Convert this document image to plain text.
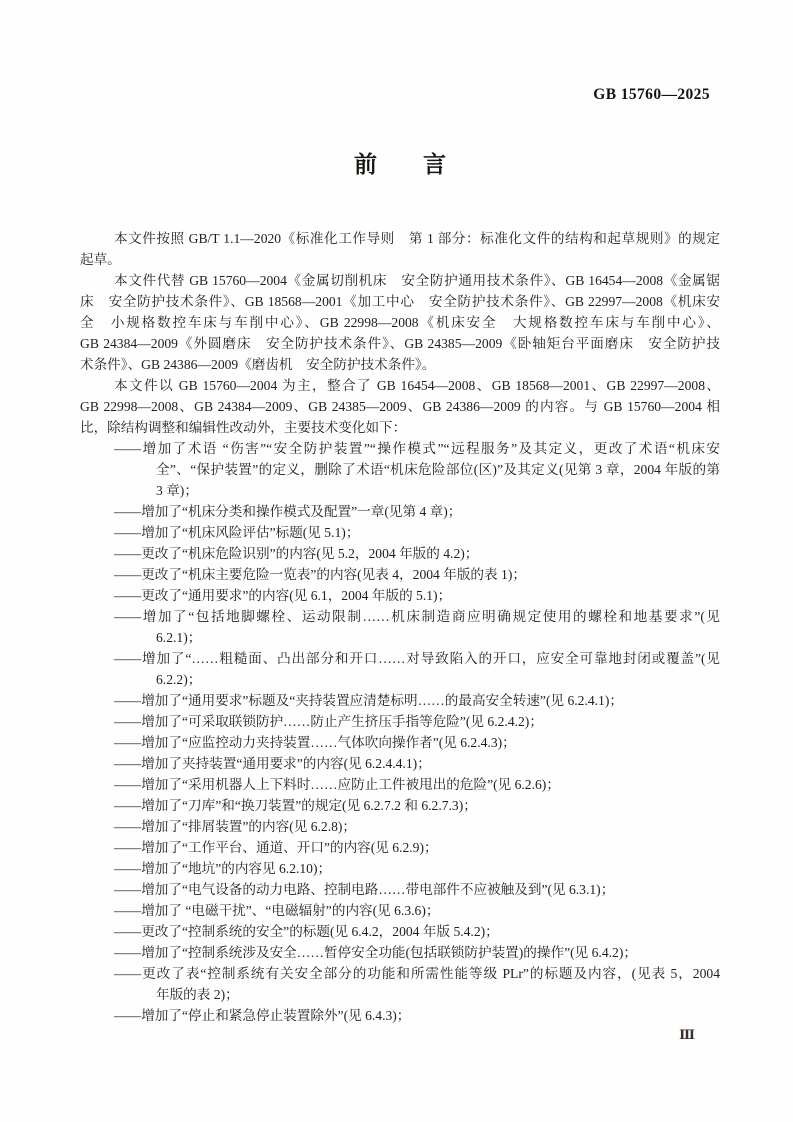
GB 15760—2025
前　　言
本文件按照 GB/T 1.1—2020《标准化工作导则　第 1 部分：标准化文件的结构和起草规则》的规定
起草。
本文件代替 GB 15760—2004《金属切削机床　安全防护通用技术条件》、GB 16454—2008《金属锯
床　安全防护技术条件》、GB 18568—2001《加工中心　安全防护技术条件》、GB 22997—2008《机床安
全　小规格数控车床与车削中心》、GB 22998—2008《机床安全　大规格数控车床与车削中心》、
GB 24384—2009《外圆磨床　安全防护技术条件》、GB 24385—2009《卧轴矩台平面磨床　安全防护技
术条件》、GB 24386—2009《磨齿机　安全防护技术条件》。
本文件以 GB 15760—2004 为主，整合了 GB 16454—2008、GB 18568—2001、GB 22997—2008、
GB 22998—2008、GB 24384—2009、GB 24385—2009、GB 24386—2009 的内容。与 GB 15760—2004 相
比，除结构调整和编辑性改动外，主要技术变化如下：
——增加了术语 “伤害”“安全防护装置”“操作模式”“远程服务”及其定义，更改了术语“机床安
全”、“保护装置”的定义，删除了术语“机床危险部位(区)”及其定义(见第 3 章，2004 年版的第
3 章)；
——增加了“机床分类和操作模式及配置”一章(见第 4 章)；
——增加了“机床风险评估”标题(见 5.1)；
——更改了“机床危险识别”的内容(见 5.2，2004 年版的 4.2)；
——更改了“机床主要危险一览表”的内容(见表 4，2004 年版的表 1)；
——更改了“通用要求”的内容(见 6.1，2004 年版的 5.1)；
——增加了“包括地脚螺栓、运动限制……机床制造商应明确规定使用的螺栓和地基要求”(见
6.2.1)；
——增加了“……粗糙面、凸出部分和开口……对导致陷入的开口，应安全可靠地封闭或覆盖”(见
6.2.2)；
——增加了“通用要求”标题及“夹持装置应清楚标明……的最高安全转速”(见 6.2.4.1)；
——增加了“可采取联锁防护……防止产生挤压手指等危险”(见 6.2.4.2)；
——增加了“应监控动力夹持装置……气体吹向操作者”(见 6.2.4.3)；
——增加了夹持装置“通用要求”的内容(见 6.2.4.4.1)；
——增加了“采用机器人上下料时……应防止工件被甩出的危险”(见 6.2.6)；
——增加了“刀库”和“换刀装置”的规定(见 6.2.7.2 和 6.2.7.3)；
——增加了“排屑装置”的内容(见 6.2.8)；
——增加了“工作平台、通道、开口”的内容(见 6.2.9)；
——增加了“地坑”的内容见 6.2.10)；
——增加了“电气设备的动力电路、控制电路……带电部件不应被触及到”(见 6.3.1)；
——增加了 “电磁干扰”、“电磁辐射”的内容(见 6.3.6)；
——更改了“控制系统的安全”的标题(见 6.4.2，2004 年版 5.4.2)；
——增加了“控制系统涉及安全……暂停安全功能(包括联锁防护装置)的操作”(见 6.4.2)；
——更改了表“控制系统有关安全部分的功能和所需性能等级 PLr”的标题及内容，(见表 5，2004
年版的表 2)；
——增加了“停止和紧急停止装置除外”(见 6.4.3)；
Ⅲ
